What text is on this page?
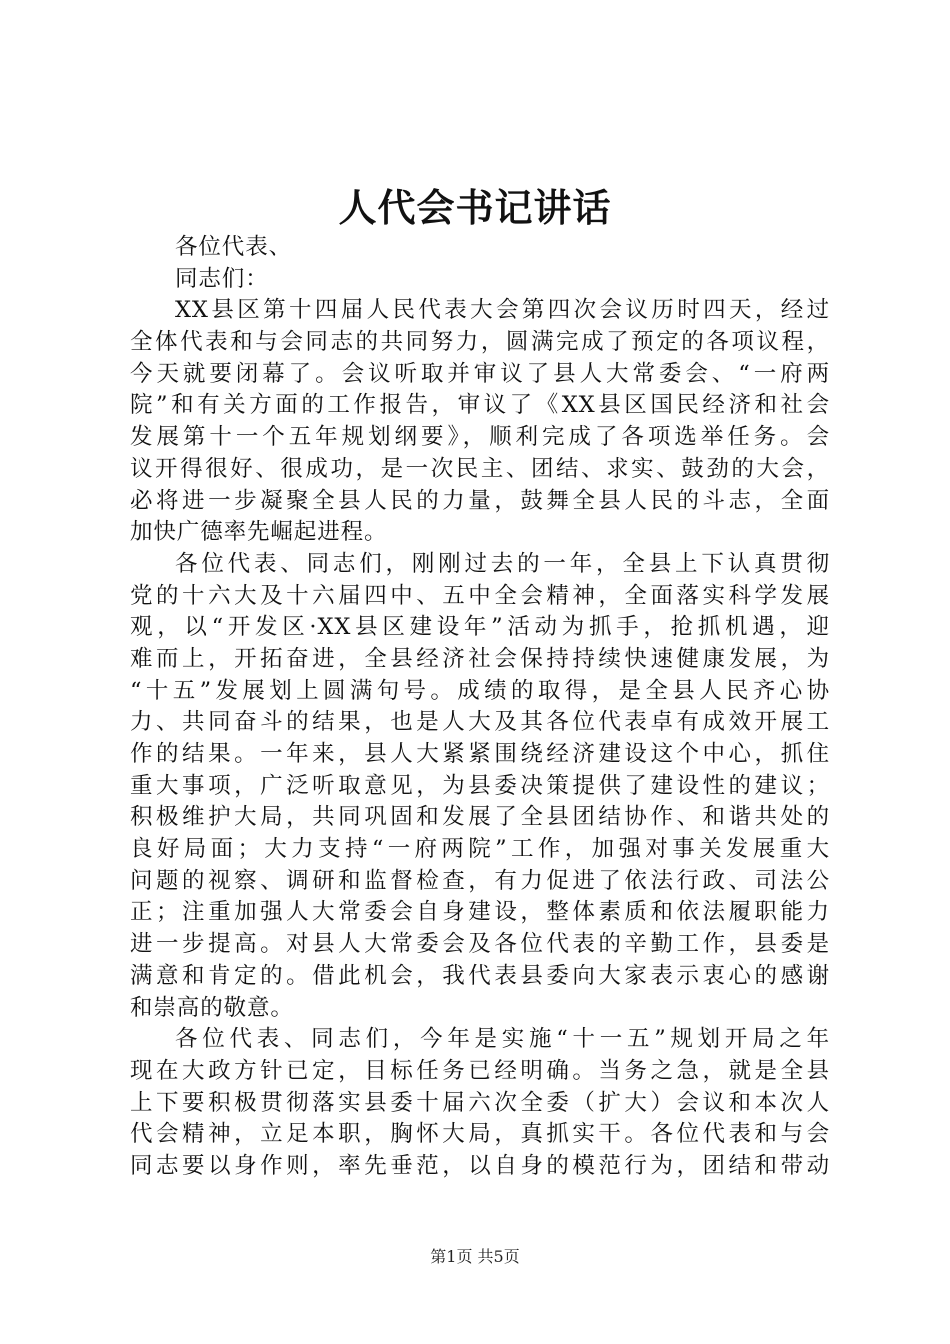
人代会书记讲话
各位代表、
同志们：
XX县区第十四届人民代表大会第四次会议历时四天，经过
全体代表和与会同志的共同努力，圆满完成了预定的各项议程，
今天就要闭幕了。会议听取并审议了县人大常委会、“一府两
院”和有关方面的工作报告，审议了《XX县区国民经济和社会
发展第十一个五年规划纲要》，顺利完成了各项选举任务。会
议开得很好、很成功，是一次民主、团结、求实、鼓劲的大会，
必将进一步凝聚全县人民的力量，鼓舞全县人民的斗志，全面
加快广德率先崛起进程。
各位代表、同志们，刚刚过去的一年，全县上下认真贯彻
党的十六大及十六届四中、五中全会精神，全面落实科学发展
观，以“开发区·XX县区建设年”活动为抓手，抢抓机遇，迎
难而上，开拓奋进，全县经济社会保持持续快速健康发展，为
“十五”发展划上圆满句号。成绩的取得，是全县人民齐心协
力、共同奋斗的结果，也是人大及其各位代表卓有成效开展工
作的结果。一年来，县人大紧紧围绕经济建设这个中心，抓住
重大事项，广泛听取意见，为县委决策提供了建设性的建议；
积极维护大局，共同巩固和发展了全县团结协作、和谐共处的
良好局面；大力支持“一府两院”工作，加强对事关发展重大
问题的视察、调研和监督检查，有力促进了依法行政、司法公
正；注重加强人大常委会自身建设，整体素质和依法履职能力
进一步提高。对县人大常委会及各位代表的辛勤工作，县委是
满意和肯定的。借此机会，我代表县委向大家表示衷心的感谢
和崇高的敬意。
各位代表、同志们，今年是实施“十一五”规划开局之年
现在大政方针已定，目标任务已经明确。当务之急，就是全县
上下要积极贯彻落实县委十届六次全委（扩大）会议和本次人
代会精神，立足本职，胸怀大局，真抓实干。各位代表和与会
同志要以身作则，率先垂范，以自身的模范行为，团结和带动
第1页 共5页
